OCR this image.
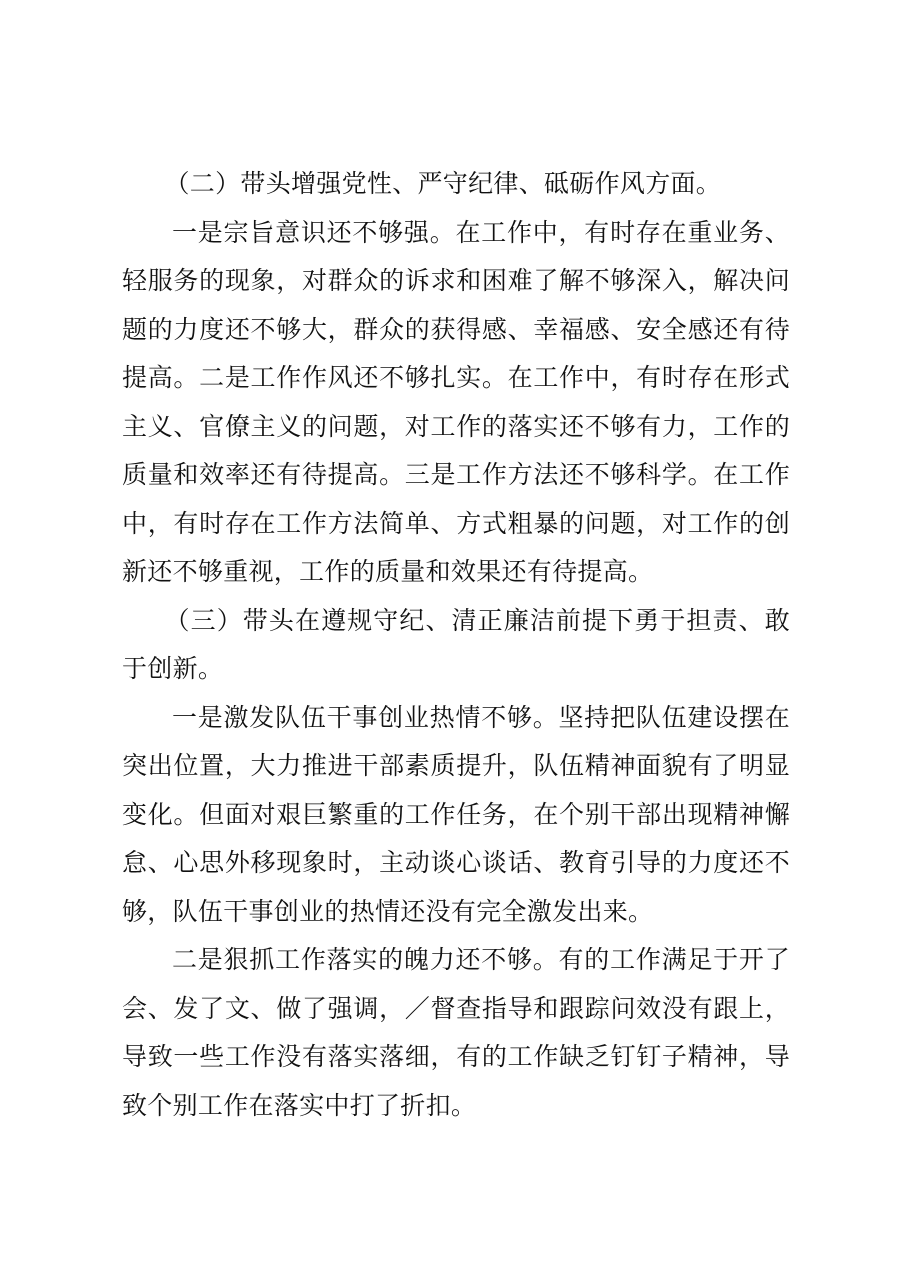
（二）带头增强党性、严守纪律、砥砺作风方面。

一是宗旨意识还不够强。在工作中，有时存在重业务、轻服务的现象，对群众的诉求和困难了解不够深入，解决问题的力度还不够大，群众的获得感、幸福感、安全感还有待提高。二是工作作风还不够扎实。在工作中，有时存在形式主义、官僚主义的问题，对工作的落实还不够有力，工作的质量和效率还有待提高。三是工作方法还不够科学。在工作中，有时存在工作方法简单、方式粗暴的问题，对工作的创新还不够重视，工作的质量和效果还有待提高。

（三）带头在遵规守纪、清正廉洁前提下勇于担责、敢于创新。

一是激发队伍干事创业热情不够。坚持把队伍建设摆在突出位置，大力推进干部素质提升，队伍精神面貌有了明显变化。但面对艰巨繁重的工作任务，在个别干部出现精神懈怠、心思外移现象时，主动谈心谈话、教育引导的力度还不够，队伍干事创业的热情还没有完全激发出来。

二是狠抓工作落实的魄力还不够。有的工作满足于开了会、发了文、做了强调，／督查指导和跟踪问效没有跟上，导致一些工作没有落实落细，有的工作缺乏钉钉子精神，导致个别工作在落实中打了折扣。
